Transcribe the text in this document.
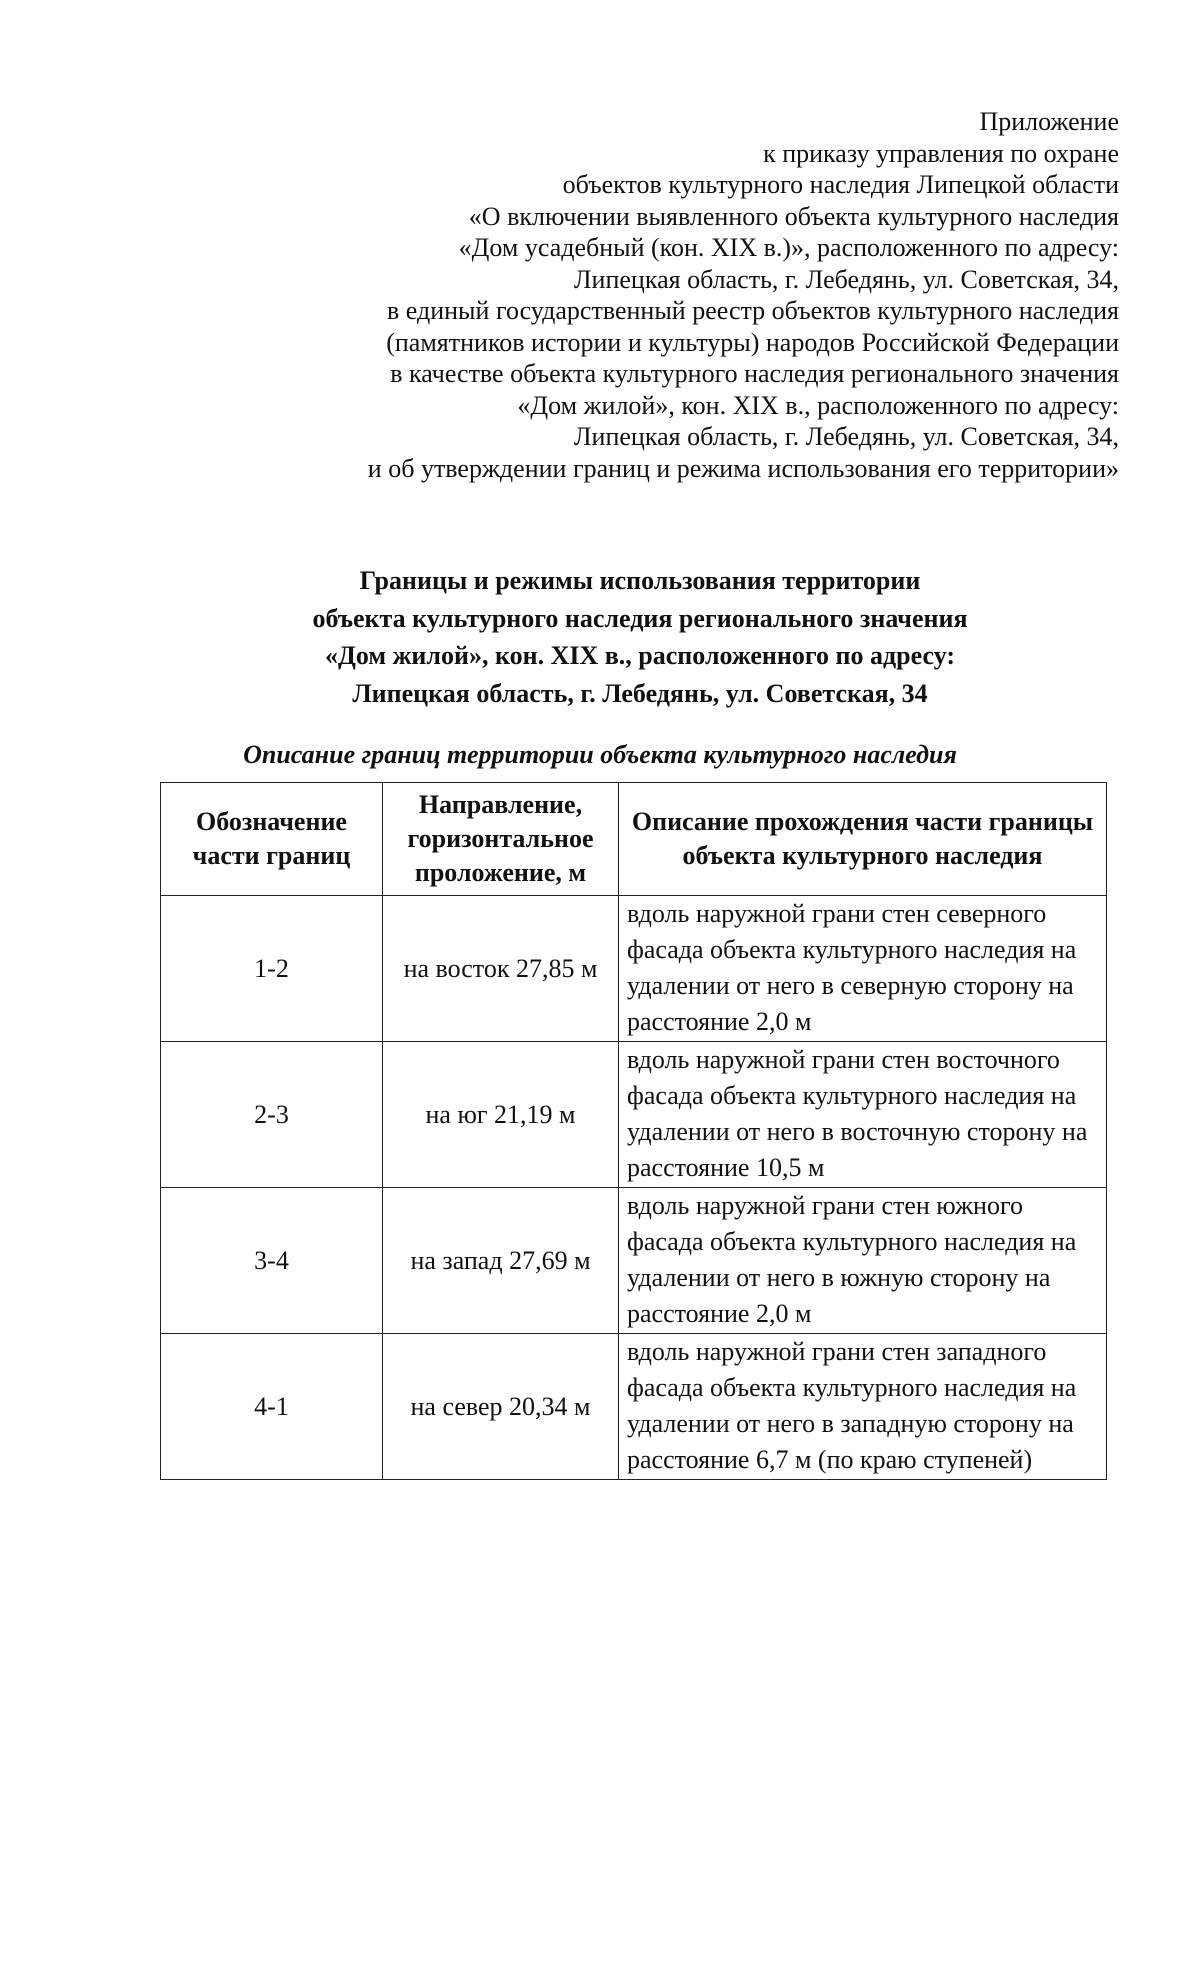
Приложение
к приказу управления по охране
объектов культурного наследия Липецкой области
«О включении выявленного объекта культурного наследия
«Дом усадебный (кон. XIX в.)», расположенного по адресу:
Липецкая область, г. Лебедянь, ул. Советская, 34,
в единый государственный реестр объектов культурного наследия
(памятников истории и культуры) народов Российской Федерации
в качестве объекта культурного наследия регионального значения
«Дом жилой», кон. XIX в., расположенного по адресу:
Липецкая область, г. Лебедянь, ул. Советская, 34,
и об утверждении границ и режима использования его территории»
Границы и режимы использования территории
объекта культурного наследия регионального значения
«Дом жилой», кон. XIX в., расположенного по адресу:
Липецкая область, г. Лебедянь, ул. Советская, 34
Описание границ территории объекта культурного наследия
Обозначение части границ	Направление, горизонтальное проложение, м	Описание прохождения части границы объекта культурного наследия
1-2	на восток 27,85 м	вдоль наружной грани стен северного фасада объекта культурного наследия на удалении от него в северную сторону на расстояние 2,0 м
2-3	на юг 21,19 м	вдоль наружной грани стен восточного фасада объекта культурного наследия на удалении от него в восточную сторону на расстояние 10,5 м
3-4	на запад 27,69 м	вдоль наружной грани стен южного фасада объекта культурного наследия на удалении от него в южную сторону на расстояние 2,0 м
4-1	на север 20,34 м	вдоль наружной грани стен западного фасада объекта культурного наследия на удалении от него в западную сторону на расстояние 6,7 м (по краю ступеней)
